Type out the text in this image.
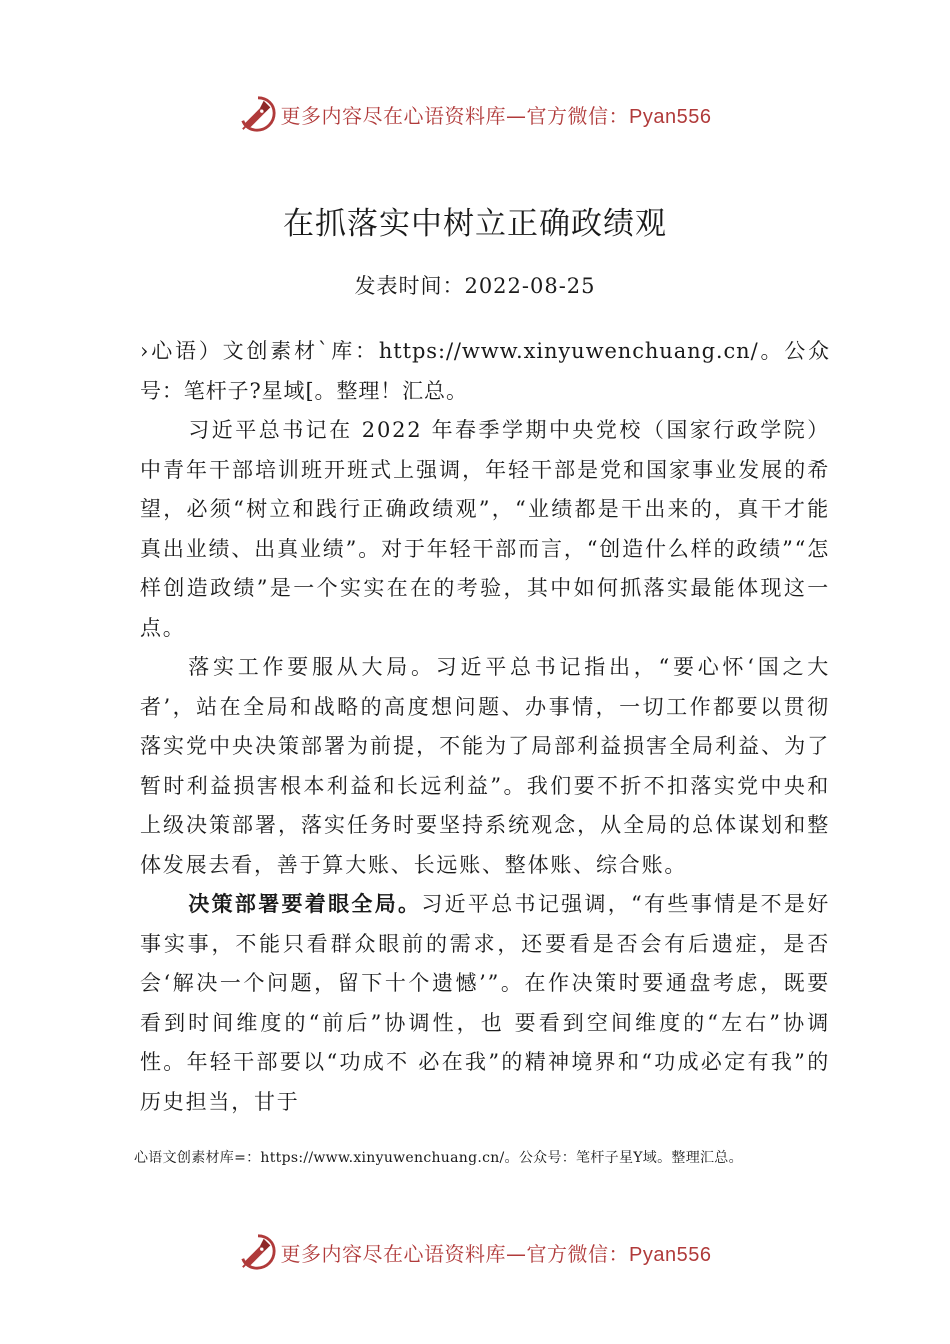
更多内容尽在心语资料库—官方微信：Pyan556
在抓落实中树立正确政绩观
发表时间：2022-08-25

›心语）文创素材`库：https://www.xinyuwenchuang.cn/。公众号：笔杆子?星域[。整理！汇总。

习近平总书记在 2022 年春季学期中央党校（国家行政学院）中青年干部培训班开班式上强调，年轻干部是党和国家事业发展的希望，必须“树立和践行正确政绩观”，“业绩都是干出来的，真干才能真出业绩、出真业绩”。对于年轻干部而言，“创造什么样的政绩”“怎样创造政绩”是一个实实在在的考验，其中如何抓落实最能体现这一点。

落实工作要服从大局。习近平总书记指出，“要心怀‘国之大者’，站在全局和战略的高度想问题、办事情，一切工作都要以贯彻落实党中央决策部署为前提，不能为了局部利益损害全局利益、为了暂时利益损害根本利益和长远利益”。我们要不折不扣落实党中央和上级决策部署，落实任务时要坚持系统观念，从全局的总体谋划和整体发展去看，善于算大账、长远账、整体账、综合账。

决策部署要着眼全局。习近平总书记强调，“有些事情是不是好事实事，不能只看群众眼前的需求，还要看是否会有后遗症，是否会‘解决一个问题，留下十个遗憾’”。在作决策时要通盘考虑，既要看到时间维度的“前后”协调性，也 要看到空间维度的“左右”协调性。年轻干部要以“功成不 必在我”的精神境界和“功成必定有我”的历史担当，甘于

心语文创素材库=：https://www.xinyuwenchuang.cn/。公众号：笔杆子星Y域。整理汇总。
更多内容尽在心语资料库—官方微信：Pyan556
